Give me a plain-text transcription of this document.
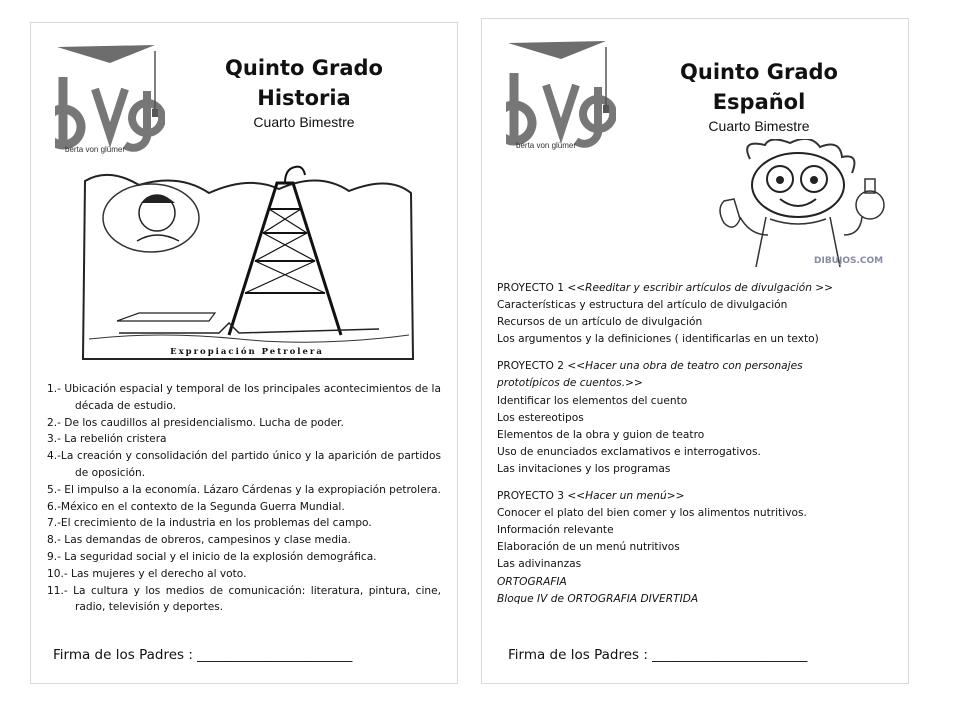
berta von glümer
Quinto Grado
Historia
Cuarto Bimestre
Expropiación Petrolera
1.- Ubicación espacial y temporal de los principales acontecimientos de la década de estudio.
2.- De los caudillos al presidencialismo. Lucha de poder.
3.- La rebelión cristera
4.-La creación y consolidación del partido único y la aparición de partidos de oposición.
5.- El impulso a la economía. Lázaro Cárdenas y la expropiación petrolera.
6.-México en el contexto de la Segunda Guerra Mundial.
7.-El crecimiento de la industria en los problemas del campo.
8.- Las demandas de obreros, campesinos y clase media.
9.- La seguridad social y el inicio de la explosión demográfica.
10.- Las mujeres y el derecho al voto.
11.- La cultura y los medios de comunicación: literatura, pintura, cine, radio, televisión y deportes.
Firma de los Padres : _______________________
berta von glümer
Quinto Grado
Español
Cuarto Bimestre
DIBUJOS.COM

PROYECTO 1 <<Reeditar y escribir artículos de divulgación >>

Características y estructura del artículo de divulgación

Recursos de un artículo de divulgación

Los argumentos y la definiciones ( identificarlas en un texto)

PROYECTO 2 <<Hacer una obra de teatro con personajes

prototípicos de cuentos.>>

Identificar los elementos del cuento

Los estereotipos

Elementos de la obra y guion de teatro

Uso de enunciados exclamativos e interrogativos.

Las invitaciones y los programas

PROYECTO 3 <<Hacer un menú>>

Conocer el plato del bien comer y los alimentos nutritivos.

Información relevante

Elaboración de un menú nutritivos

Las adivinanzas

ORTOGRAFIA

Bloque IV de ORTOGRAFIA DIVERTIDA

Firma de los Padres : _______________________
